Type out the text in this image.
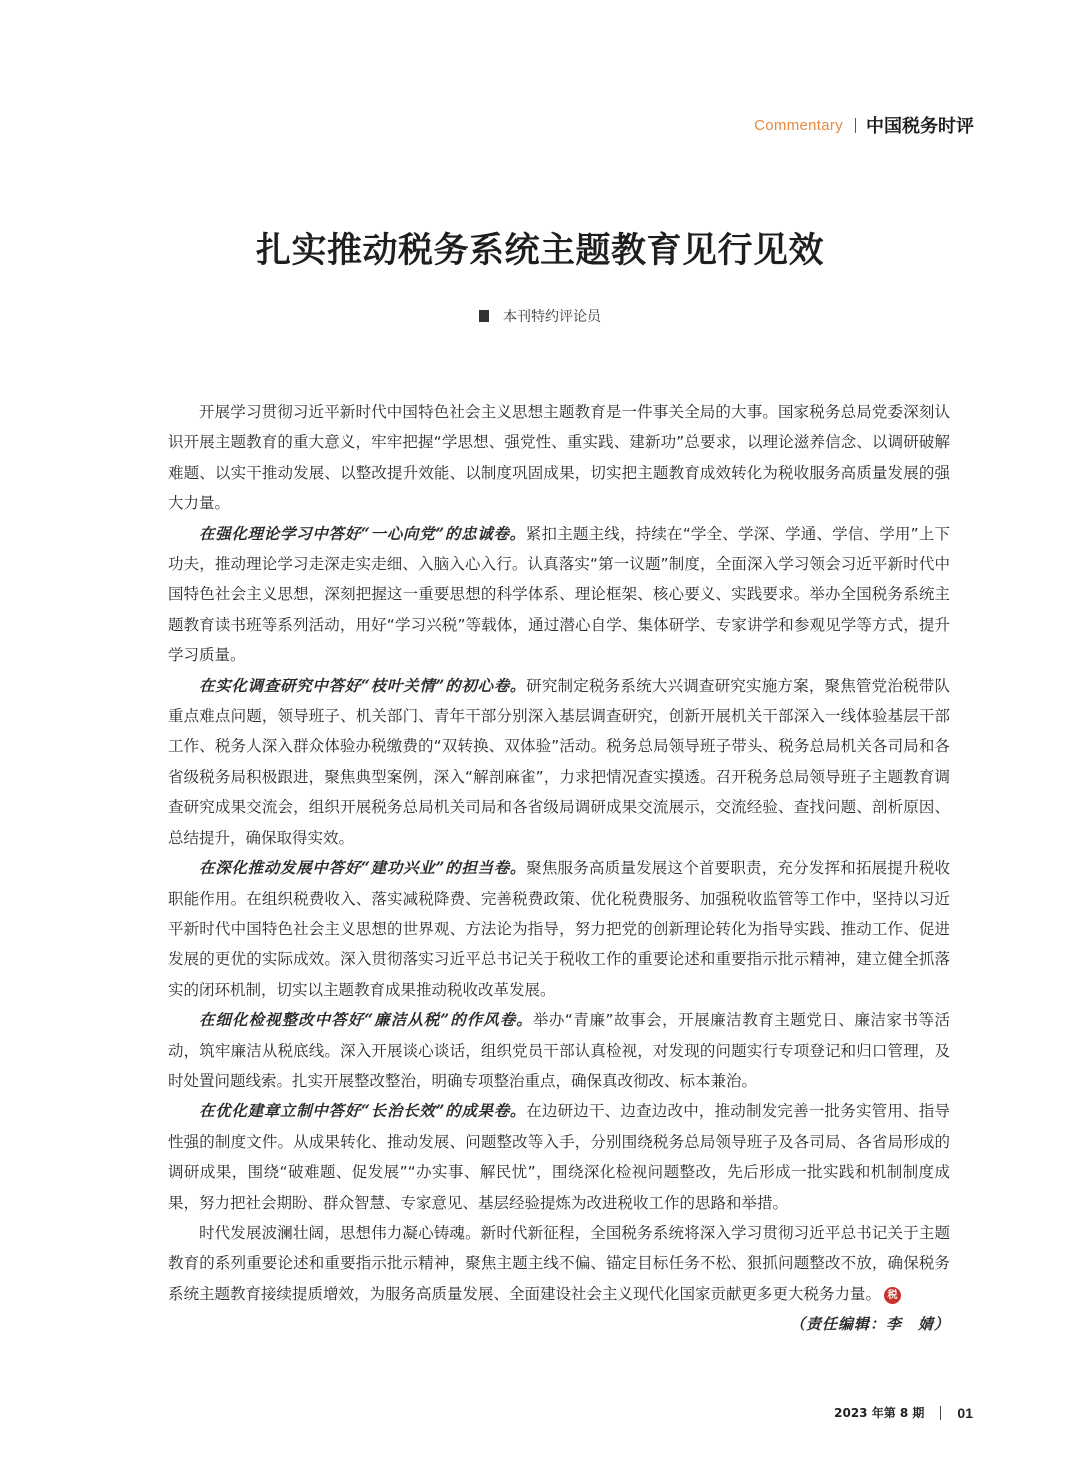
Commentary 中国税务时评
扎实推动税务系统主题教育见行见效
本刊特约评论员

开展学习贯彻习近平新时代中国特色社会主义思想主题教育是一件事关全局的大事。国家税务总局党委深刻认识开展主题教育的重大意义，牢牢把握“学思想、强党性、重实践、建新功”总要求，以理论滋养信念、以调研破解难题、以实干推动发展、以整改提升效能、以制度巩固成果，切实把主题教育成效转化为税收服务高质量发展的强大力量。

在强化理论学习中答好“一心向党”的忠诚卷。紧扣主题主线，持续在“学全、学深、学通、学信、学用”上下功夫，推动理论学习走深走实走细、入脑入心入行。认真落实“第一议题”制度，全面深入学习领会习近平新时代中国特色社会主义思想，深刻把握这一重要思想的科学体系、理论框架、核心要义、实践要求。举办全国税务系统主题教育读书班等系列活动，用好“学习兴税”等载体，通过潜心自学、集体研学、专家讲学和参观见学等方式，提升学习质量。

在实化调查研究中答好“枝叶关情”的初心卷。研究制定税务系统大兴调查研究实施方案，聚焦管党治税带队重点难点问题，领导班子、机关部门、青年干部分别深入基层调查研究，创新开展机关干部深入一线体验基层干部工作、税务人深入群众体验办税缴费的“双转换、双体验”活动。税务总局领导班子带头、税务总局机关各司局和各省级税务局积极跟进，聚焦典型案例，深入“解剖麻雀”，力求把情况查实摸透。召开税务总局领导班子主题教育调查研究成果交流会，组织开展税务总局机关司局和各省级局调研成果交流展示，交流经验、查找问题、剖析原因、总结提升，确保取得实效。

在深化推动发展中答好“建功兴业”的担当卷。聚焦服务高质量发展这个首要职责，充分发挥和拓展提升税收职能作用。在组织税费收入、落实减税降费、完善税费政策、优化税费服务、加强税收监管等工作中，坚持以习近平新时代中国特色社会主义思想的世界观、方法论为指导，努力把党的创新理论转化为指导实践、推动工作、促进发展的更优的实际成效。深入贯彻落实习近平总书记关于税收工作的重要论述和重要指示批示精神，建立健全抓落实的闭环机制，切实以主题教育成果推动税收改革发展。

在细化检视整改中答好“廉洁从税”的作风卷。举办“青廉”故事会，开展廉洁教育主题党日、廉洁家书等活动，筑牢廉洁从税底线。深入开展谈心谈话，组织党员干部认真检视，对发现的问题实行专项登记和归口管理，及时处置问题线索。扎实开展整改整治，明确专项整治重点，确保真改彻改、标本兼治。

在优化建章立制中答好“长治长效”的成果卷。在边研边干、边查边改中，推动制发完善一批务实管用、指导性强的制度文件。从成果转化、推动发展、问题整改等入手，分别围绕税务总局领导班子及各司局、各省局形成的调研成果，围绕“破难题、促发展”“办实事、解民忧”，围绕深化检视问题整改，先后形成一批实践和机制制度成果，努力把社会期盼、群众智慧、专家意见、基层经验提炼为改进税收工作的思路和举措。

时代发展波澜壮阔，思想伟力凝心铸魂。新时代新征程，全国税务系统将深入学习贯彻习近平总书记关于主题教育的系列重要论述和重要指示批示精神，聚焦主题主线不偏、锚定目标任务不松、狠抓问题整改不放，确保税务系统主题教育接续提质增效，为服务高质量发展、全面建设社会主义现代化国家贡献更多更大税务力量。 税

（责任编辑：李　婧）

2023 年第 8 期 01
